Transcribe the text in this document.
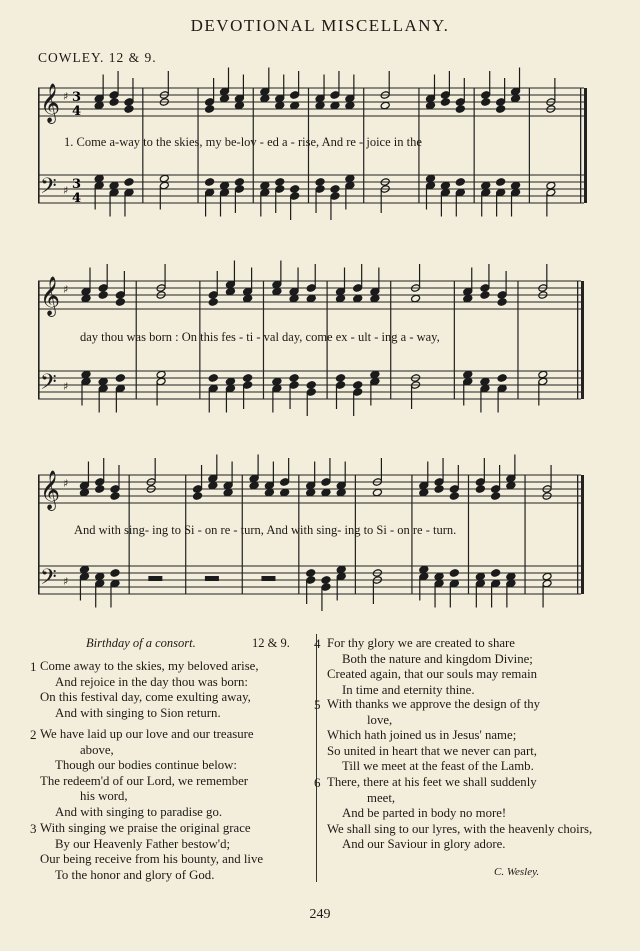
DEVOTIONAL MISCELLANY.
COWLEY. 12 & 9.
𝄞
𝄢
♯
♯
3
4
3
4
𝄞
𝄢
♯
♯
𝄞
𝄢
♯
♯
1. Come a-way to the skies, my be-lov - ed a - rise, And re - joice in the
day thou was born : On this fes - ti - val day, come ex - ult - ing a - way,
And with sing- ing to Si - on re - turn, And with sing- ing to Si - on re - turn.
Birthday of a consort.	12 & 9.
1 Come away to the skies, my beloved arise,
And rejoice in the day thou was born:
On this festival day, come exulting away,
And with singing to Sion return.
2 We have laid up our love and our treasure
above,
Though our bodies continue below:
The redeem'd of our Lord, we remember
his word,
And with singing to paradise go.
3 With singing we praise the original grace
By our Heavenly Father bestow'd;
Our being receive from his bounty, and live
To the honor and glory of God.
4 For thy glory we are created to share
Both the nature and kingdom Divine;
Created again, that our souls may remain
In time and eternity thine.
5 With thanks we approve the design of thy
love,
Which hath joined us in Jesus' name;
So united in heart that we never can part,
Till we meet at the feast of the Lamb.
6 There, there at his feet we shall suddenly
meet,
And be parted in body no more!
We shall sing to our lyres, with the heavenly choirs,
And our Saviour in glory adore.
C. Wesley.
249
